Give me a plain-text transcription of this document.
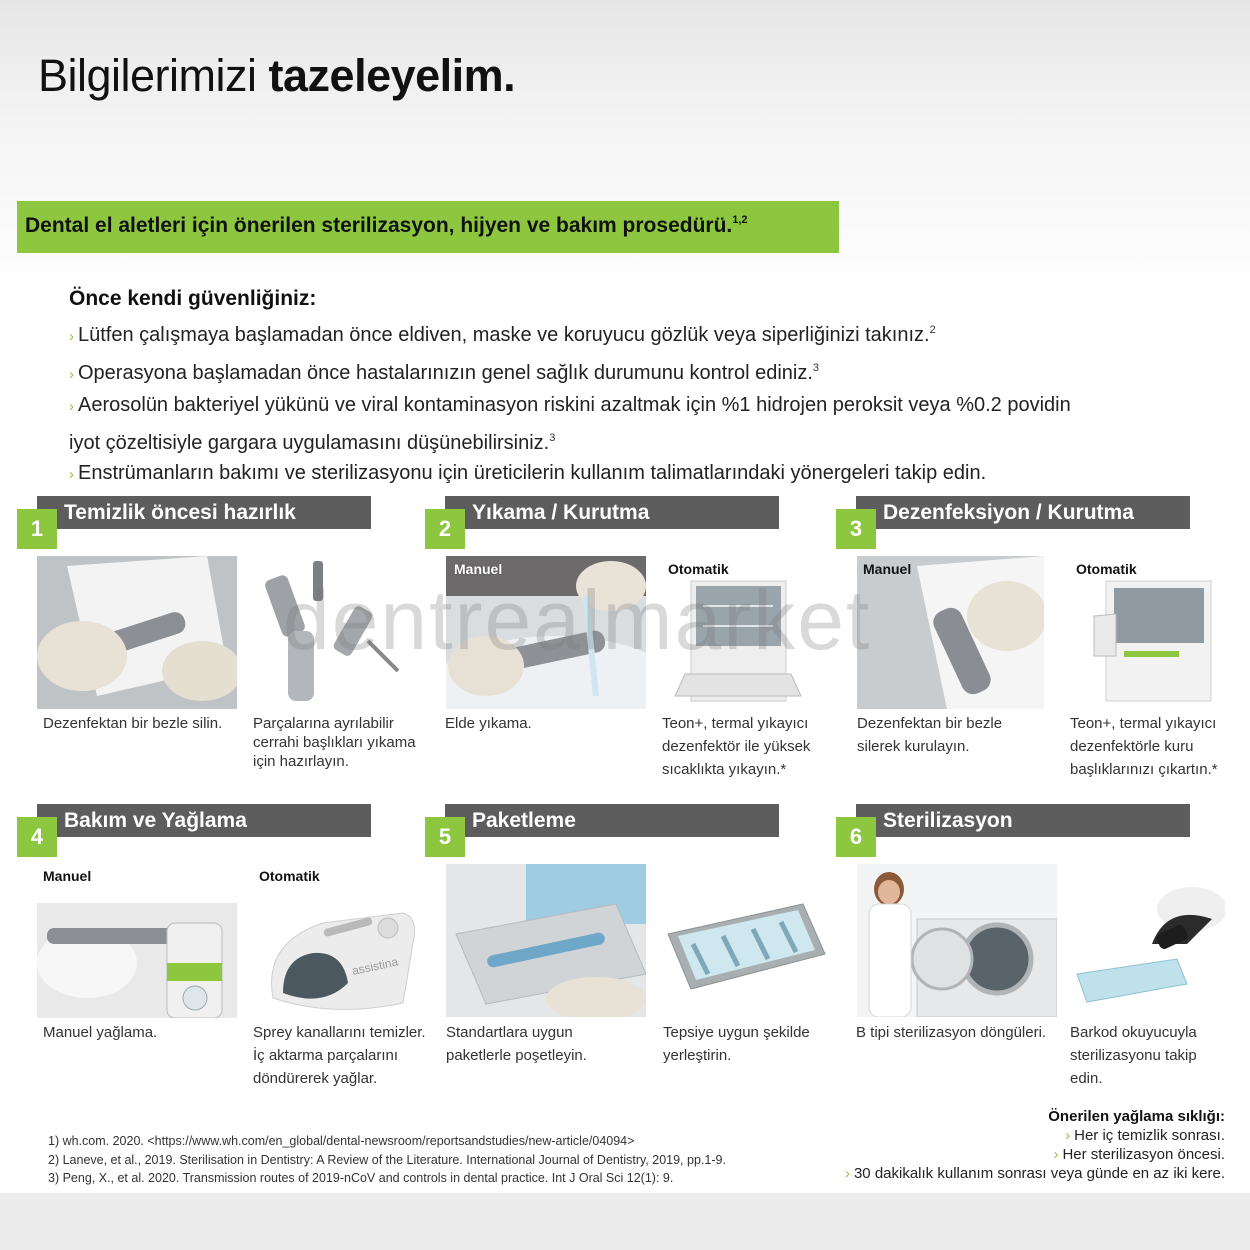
Bilgilerimizi tazeleyelim.
Dental el aletleri için önerilen sterilizasyon, hijyen ve bakım prosedürü.$^{1,2}$
Önce kendi güvenliğiniz:
› Lütfen çalışmaya başlamadan önce eldiven, maske ve koruyucu gözlük veya siperliğinizi takınız.$^2$
› Operasyona başlamadan önce hastalarınızın genel sağlık durumunu kontrol ediniz.$^3$
› Aerosolün bakteriyel yükünü ve viral kontaminasyon riskini azaltmak için %1 hidrojen peroksit veya %0.2 povidin
iyot çözeltisiyle gargara uygulamasını düşünebilirsiniz.$^3$
› Enstrümanların bakımı ve sterilizasyonu için üreticilerin kullanım talimatlarındaki yönergeleri takip edin.
Temizlik öncesi hazırlık
1
Dezenfektan bir bezle silin. Parçalarına ayrılabilir
cerrahi başlıkları yıkama
için hazırlayın.
Yıkama / Kurutma
2
Manuel	Otomatik
Elde yıkama.	Teon+, termal yıkayıcı
dezenfektör ile yüksek
sıcaklıkta yıkayın.*
Dezenfeksiyon / Kurutma
3
Manuel	Otomatik
Dezenfektan bir bezle
silerek kurulayın.
Teon+, termal yıkayıcı
dezenfektörle kuru
başlıklarınızı çıkartın.*
Bakım ve Yağlama
4
Manuel	Otomatik
assistina
Manuel yağlama.	Sprey kanallarını temizler.
İç aktarma parçalarını
döndürerek yağlar.
Paketleme
5
Standartlara uygun
paketlerle poşetleyin.
Tepsiye uygun şekilde
yerleştirin.
Sterilizasyon
6
B tipi sterilizasyon döngüleri. Barkod okuyucuyla
sterilizasyonu takip
edin.
dentrealmarket
1) wh.com. 2020. <https://www.wh.com/en_global/dental-newsroom/reportsandstudies/new-article/04094>
2) Laneve, et al., 2019. Sterilisation in Dentistry: A Review of the Literature. International Journal of Dentistry, 2019, pp.1-9.
3) Peng, X., et al. 2020. Transmission routes of 2019-nCoV and controls in dental practice. Int J Oral Sci 12(1): 9.
Önerilen yağlama sıklığı:
› Her iç temizlik sonrası.
› Her sterilizasyon öncesi.
› 30 dakikalık kullanım sonrası veya günde en az iki kere.
